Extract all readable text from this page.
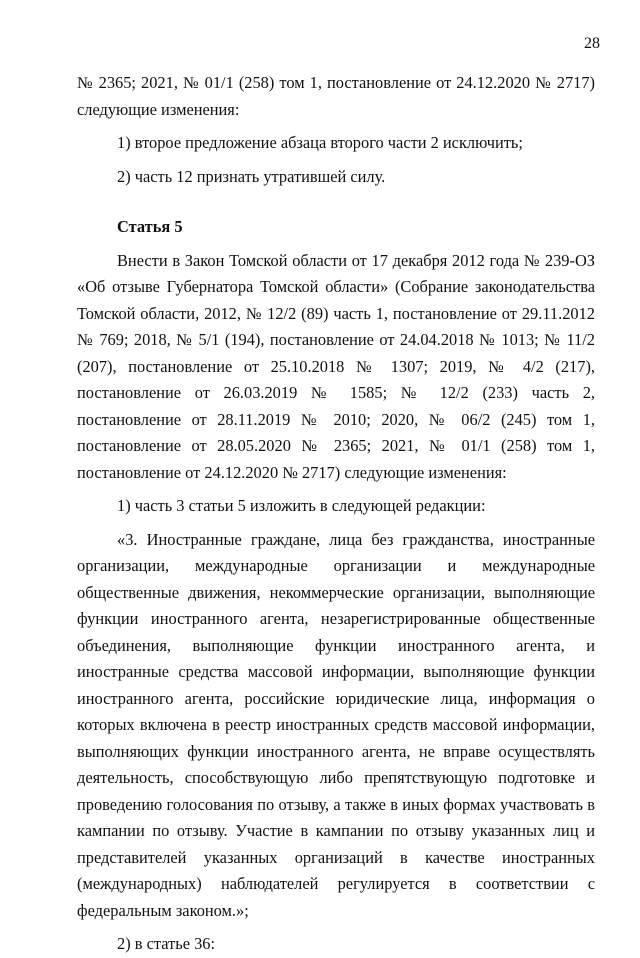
28

№ 2365; 2021, № 01/1 (258) том 1, постановление от 24.12.2020 № 2717)

следующие изменения:

1) второе предложение абзаца второго части 2 исключить;

2) часть 12 признать утратившей силу.

Статья 5

Внести в Закон Томской области от 17 декабря 2012 года № 239-ОЗ «Об отзыве Губернатора Томской области» (Собрание законодательства Томской области, 2012, № 12/2 (89) часть 1, постановление от 29.11.2012 № 769; 2018, № 5/1 (194), постановление от 24.04.2018 № 1013; № 11/2 (207), постановление от 25.10.2018 № 1307; 2019, № 4/2 (217), постановление от 26.03.2019 № 1585; № 12/2 (233) часть 2, постановление от 28.11.2019 № 2010; 2020, № 06/2 (245) том 1, постановление от 28.05.2020 № 2365; 2021, № 01/1 (258) том 1, постановление от 24.12.2020 № 2717) следующие изменения:

1) часть 3 статьи 5 изложить в следующей редакции:

«3. Иностранные граждане, лица без гражданства, иностранные организации, международные организации и международные общественные движения, некоммерческие организации, выполняющие функции иностранного агента, незарегистрированные общественные объединения, выполняющие функции иностранного агента, и иностранные средства массовой информации, выполняющие функции иностранного агента, российские юридические лица, информация о которых включена в реестр иностранных средств массовой информации, выполняющих функции иностранного агента, не вправе осуществлять деятельность, способствующую либо препятствующую подготовке и проведению голосования по отзыву, а также в иных формах участвовать в кампании по отзыву. Участие в кампании по отзыву указанных лиц и представителей указанных организаций в качестве иностранных (международных) наблюдателей регулируется в соответствии с федеральным законом.»;

2) в статье 36:
